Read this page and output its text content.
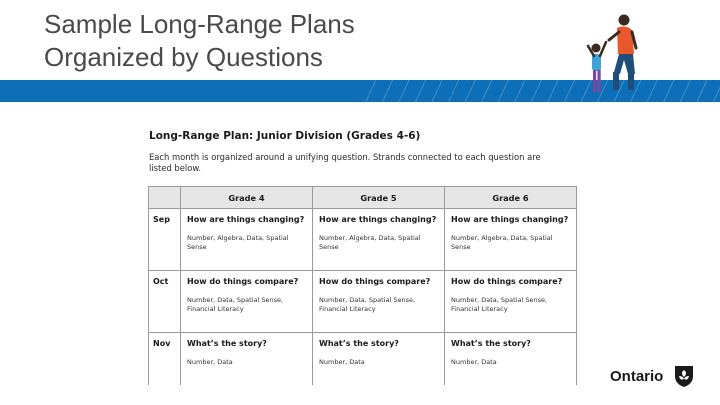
Sample Long-Range Plans
Organized by Questions
Long-Range Plan: Junior Division (Grades 4-6)
Each month is organized around a unifying question. Strands connected to each question are listed below.
	Grade 4	Grade 5	Grade 6
Sep	How are things changing?
Number, Algebra, Data, Spatial Sense	How are things changing?
Number, Algebra, Data, Spatial Sense	How are things changing?
Number, Algebra, Data, Spatial Sense

Oct	How do things compare?
Number, Data, Spatial Sense, Financial Literacy	How do things compare?
Number, Data, Spatial Sense, Financial Literacy	How do things compare?
Number, Data, Spatial Sense, Financial Literacy

Nov	What’s the story?
Number, Data	What’s the story?
Number, Data	What’s the story?
Number, Data
Ontario
